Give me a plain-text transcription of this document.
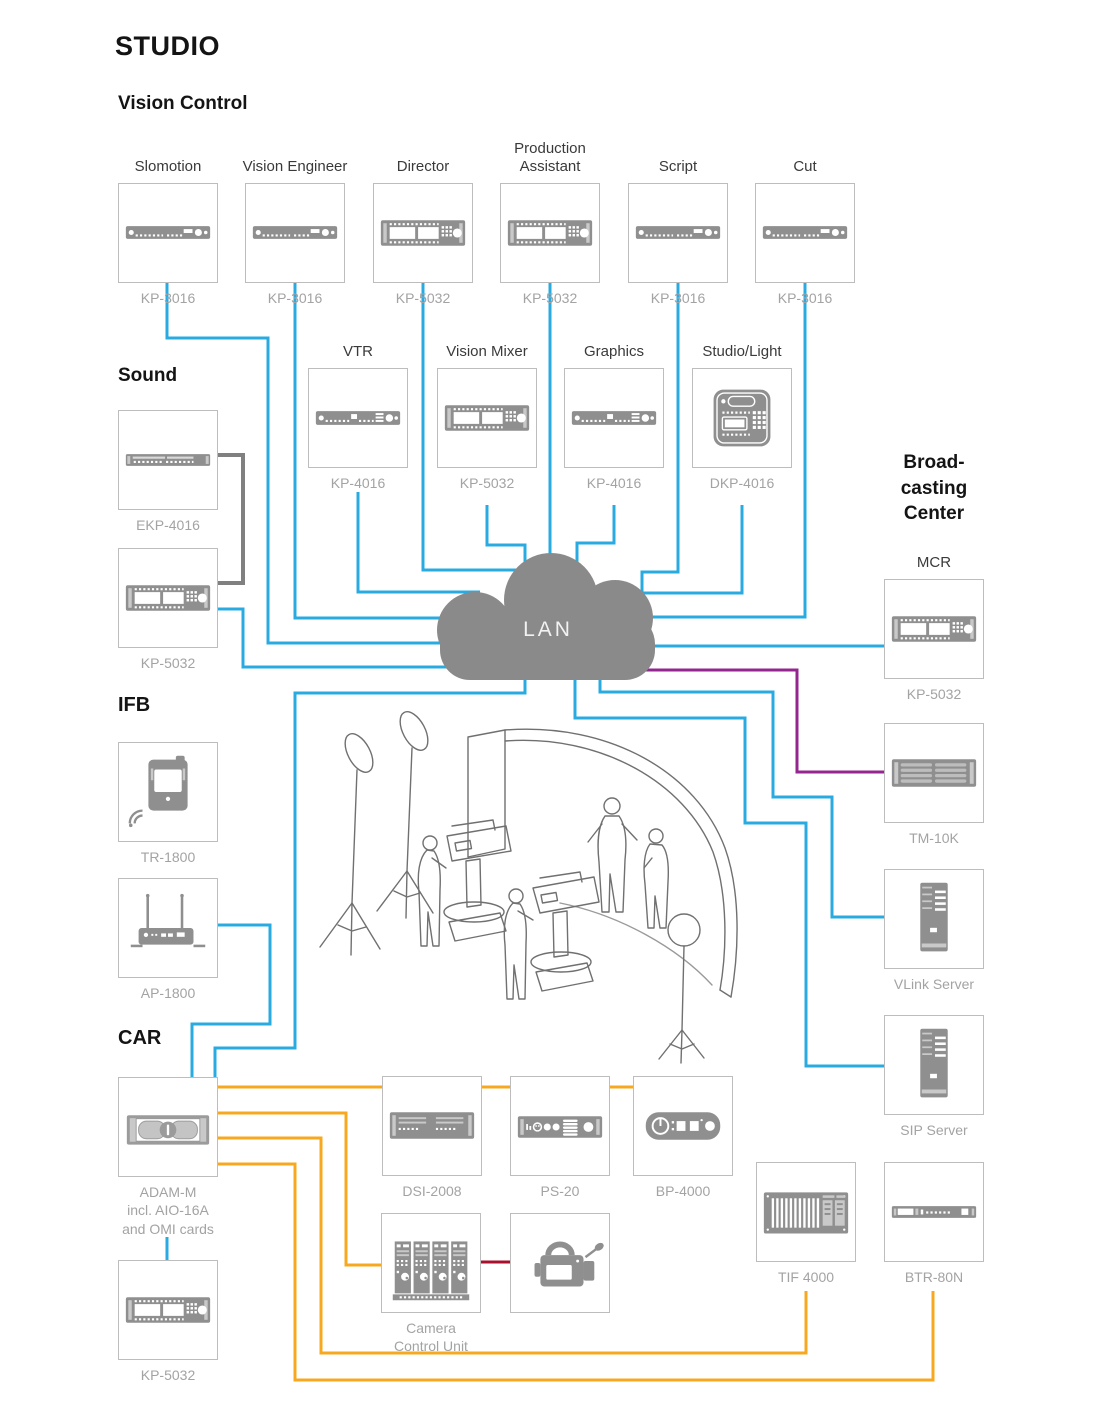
LAN
STUDIO
Vision Control
Sound
IFB
CAR
Broad-
casting
Center
Slomotion
KP-3016
Vision Engineer
KP-3016
Director
KP-5032
Production Assistant
KP-5032
Script
KP-3016
Cut
KP-3016
VTR
KP-4016
Vision Mixer
KP-5032
Graphics
KP-4016
Studio/Light
DKP-4016
EKP-4016
KP-5032
MCR
KP-5032
TM-10K
VLink Server
SIP Server
TR-1800
AP-1800
ADAM-M
incl. AIO-16A
and OMI cards
KP-5032
DSI-2008	PS-20	BP-4000
Camera
Control Unit
TIF 4000	BTR-80N
